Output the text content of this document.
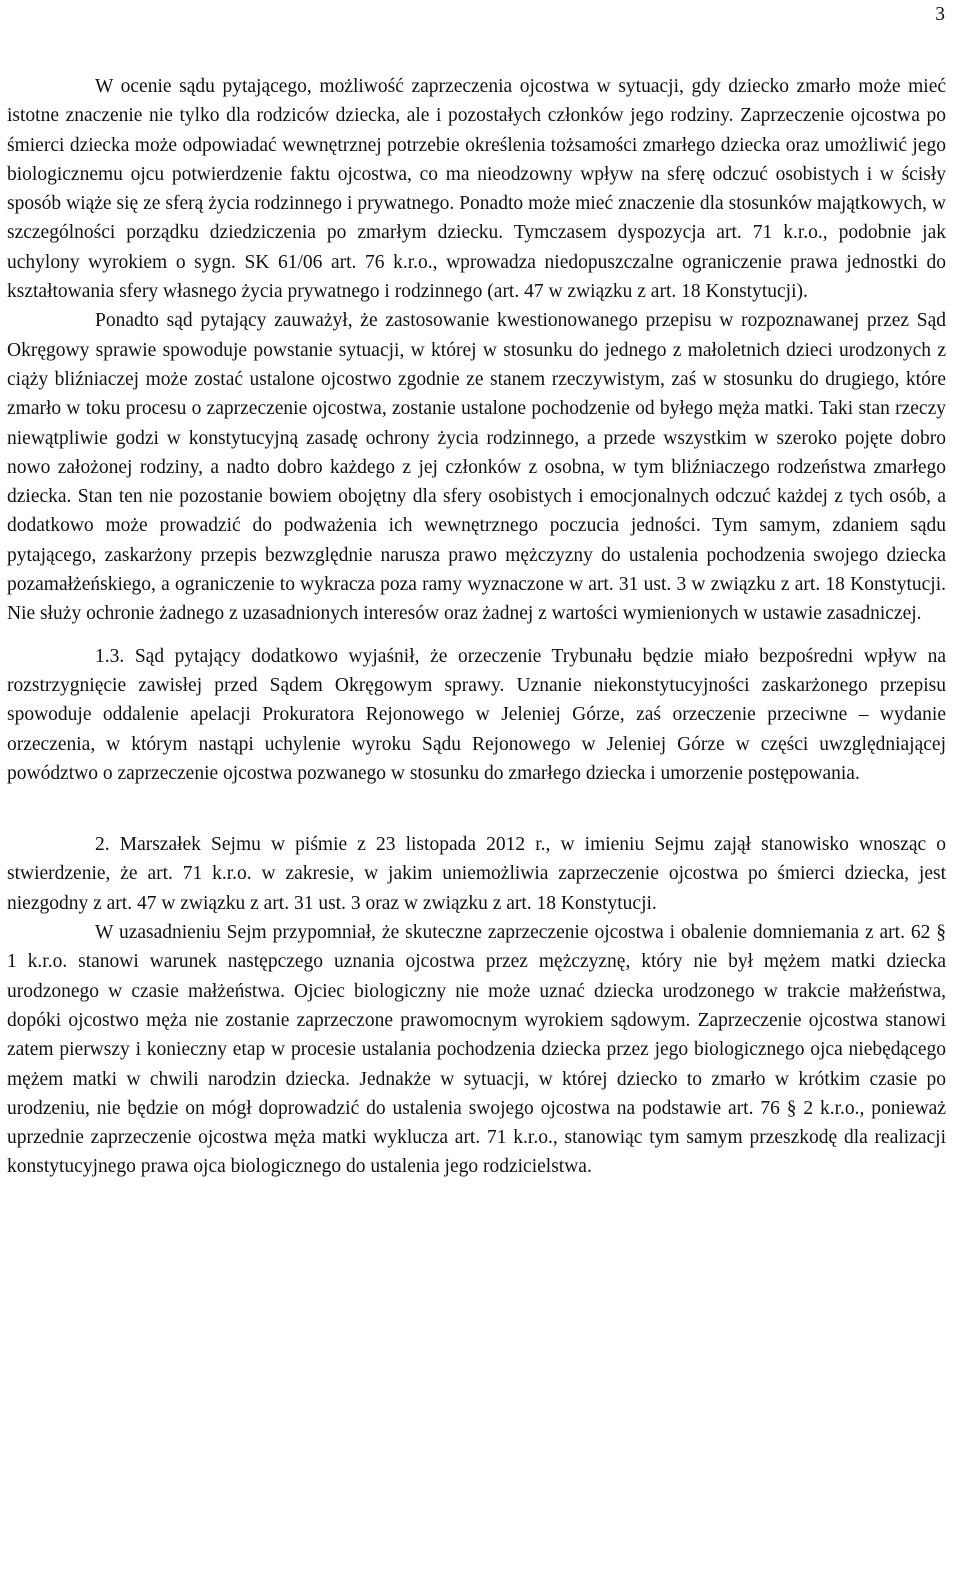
3

W ocenie sądu pytającego, możliwość zaprzeczenia ojcostwa w sytuacji, gdy dziecko zmarło może mieć istotne znaczenie nie tylko dla rodziców dziecka, ale i pozostałych członków jego rodziny. Zaprzeczenie ojcostwa po śmierci dziecka może odpowiadać wewnętrznej potrzebie określenia tożsamości zmarłego dziecka oraz umożliwić jego biologicznemu ojcu potwierdzenie faktu ojcostwa, co ma nieodzowny wpływ na sferę odczuć osobistych i w ścisły sposób wiąże się ze sferą życia rodzinnego i prywatnego. Ponadto może mieć znaczenie dla stosunków majątkowych, w szczególności porządku dziedziczenia po zmarłym dziecku. Tymczasem dyspozycja art. 71 k.r.o., podobnie jak uchylony wyrokiem o sygn. SK 61/06 art. 76 k.r.o., wprowadza niedopuszczalne ograniczenie prawa jednostki do kształtowania sfery własnego życia prywatnego i rodzinnego (art. 47 w związku z art. 18 Konstytucji).

Ponadto sąd pytający zauważył, że zastosowanie kwestionowanego przepisu w rozpoznawanej przez Sąd Okręgowy sprawie spowoduje powstanie sytuacji, w której w stosunku do jednego z małoletnich dzieci urodzonych z ciąży bliźniaczej może zostać ustalone ojcostwo zgodnie ze stanem rzeczywistym, zaś w stosunku do drugiego, które zmarło w toku procesu o zaprzeczenie ojcostwa, zostanie ustalone pochodzenie od byłego męża matki. Taki stan rzeczy niewątpliwie godzi w konstytucyjną zasadę ochrony życia rodzinnego, a przede wszystkim w szeroko pojęte dobro nowo założonej rodziny, a nadto dobro każdego z jej członków z osobna, w tym bliźniaczego rodzeństwa zmarłego dziecka. Stan ten nie pozostanie bowiem obojętny dla sfery osobistych i emocjonalnych odczuć każdej z tych osób, a dodatkowo może prowadzić do podważenia ich wewnętrznego poczucia jedności. Tym samym, zdaniem sądu pytającego, zaskarżony przepis bezwzględnie narusza prawo mężczyzny do ustalenia pochodzenia swojego dziecka pozamałżeńskiego, a ograniczenie to wykracza poza ramy wyznaczone w art. 31 ust. 3 w związku z art. 18 Konstytucji. Nie służy ochronie żadnego z uzasadnionych interesów oraz żadnej z wartości wymienionych w ustawie zasadniczej.

1.3. Sąd pytający dodatkowo wyjaśnił, że orzeczenie Trybunału będzie miało bezpośredni wpływ na rozstrzygnięcie zawisłej przed Sądem Okręgowym sprawy. Uznanie niekonstytucyjności zaskarżonego przepisu spowoduje oddalenie apelacji Prokuratora Rejonowego w Jeleniej Górze, zaś orzeczenie przeciwne – wydanie orzeczenia, w którym nastąpi uchylenie wyroku Sądu Rejonowego w Jeleniej Górze w części uwzględniającej powództwo o zaprzeczenie ojcostwa pozwanego w stosunku do zmarłego dziecka i umorzenie postępowania.

2. Marszałek Sejmu w piśmie z 23 listopada 2012 r., w imieniu Sejmu zajął stanowisko wnosząc o stwierdzenie, że art. 71 k.r.o. w zakresie, w jakim uniemożliwia zaprzeczenie ojcostwa po śmierci dziecka, jest niezgodny z art. 47 w związku z art. 31 ust. 3 oraz w związku z art. 18 Konstytucji.

W uzasadnieniu Sejm przypomniał, że skuteczne zaprzeczenie ojcostwa i obalenie domniemania z art. 62 § 1 k.r.o. stanowi warunek następczego uznania ojcostwa przez mężczyznę, który nie był mężem matki dziecka urodzonego w czasie małżeństwa. Ojciec biologiczny nie może uznać dziecka urodzonego w trakcie małżeństwa, dopóki ojcostwo męża nie zostanie zaprzeczone prawomocnym wyrokiem sądowym. Zaprzeczenie ojcostwa stanowi zatem pierwszy i konieczny etap w procesie ustalania pochodzenia dziecka przez jego biologicznego ojca niebędącego mężem matki w chwili narodzin dziecka. Jednakże w sytuacji, w której dziecko to zmarło w krótkim czasie po urodzeniu, nie będzie on mógł doprowadzić do ustalenia swojego ojcostwa na podstawie art. 76 § 2 k.r.o., ponieważ uprzednie zaprzeczenie ojcostwa męża matki wyklucza art. 71 k.r.o., stanowiąc tym samym przeszkodę dla realizacji konstytucyjnego prawa ojca biologicznego do ustalenia jego rodzicielstwa.
